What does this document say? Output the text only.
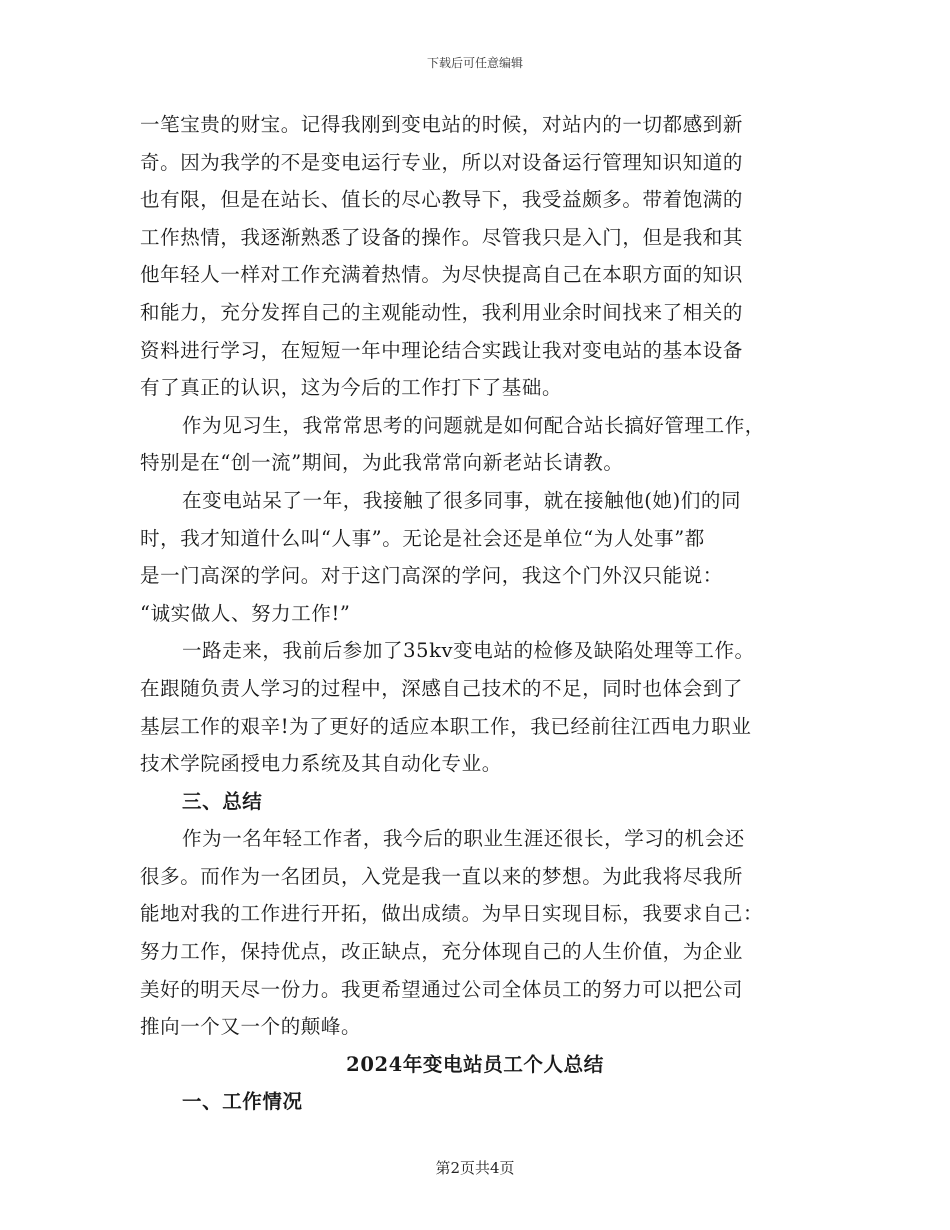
下载后可任意编辑
一笔宝贵的财宝。记得我刚到变电站的时候，对站内的一切都感到新
奇。因为我学的不是变电运行专业，所以对设备运行管理知识知道的
也有限，但是在站长、值长的尽心教导下，我受益颇多。带着饱满的
工作热情，我逐渐熟悉了设备的操作。尽管我只是入门，但是我和其
他年轻人一样对工作充满着热情。为尽快提高自己在本职方面的知识
和能力，充分发挥自己的主观能动性，我利用业余时间找来了相关的
资料进行学习，在短短一年中理论结合实践让我对变电站的基本设备
有了真正的认识，这为今后的工作打下了基础。
作为见习生，我常常思考的问题就是如何配合站长搞好管理工作，
特别是在“创一流”期间，为此我常常向新老站长请教。
在变电站呆了一年，我接触了很多同事，就在接触他(她)们的同
时，我才知道什么叫“人事”。无论是社会还是单位“为人处事”都
是一门高深的学问。对于这门高深的学问，我这个门外汉只能说：
“诚实做人、努力工作!”
一路走来，我前后参加了35kv变电站的检修及缺陷处理等工作。
在跟随负责人学习的过程中，深感自己技术的不足，同时也体会到了
基层工作的艰辛!为了更好的适应本职工作，我已经前往江西电力职业
技术学院函授电力系统及其自动化专业。
三、总结
作为一名年轻工作者，我今后的职业生涯还很长，学习的机会还
很多。而作为一名团员，入党是我一直以来的梦想。为此我将尽我所
能地对我的工作进行开拓，做出成绩。为早日实现目标，我要求自己：
努力工作，保持优点，改正缺点，充分体现自己的人生价值，为企业
美好的明天尽一份力。我更希望通过公司全体员工的努力可以把公司
推向一个又一个的颠峰。
2024年变电站员工个人总结
一、工作情况
第2页共4页
